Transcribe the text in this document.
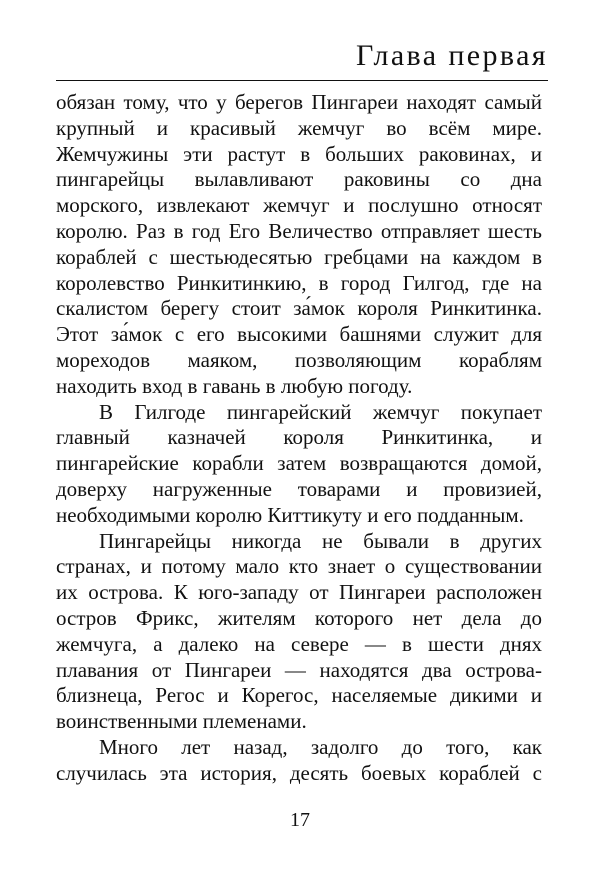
Глава первая
обязан тому, что у берегов Пингареи находят самый
крупный и красивый жемчуг во всём мире.
Жемчужины эти растут в больших раковинах, и
пингарейцы вылавливают раковины со дна
морского, извлекают жемчуг и послушно относят
королю. Раз в год Его Величество отправляет шесть
кораблей с шестьюдесятью гребцами на каждом в
королевство Ринкитинкию, в город Гилгод, где на
скалистом берегу стоит за́мок короля Ринкитинка.
Этот за́мок с его высокими башнями служит для
мореходов маяком, позволяющим кораблям
находить вход в гавань в любую погоду.
В Гилгоде пингарейский жемчуг покупает
главный казначей короля Ринкитинка, и
пингарейские корабли затем возвращаются домой,
доверху нагруженные товарами и провизией,
необходимыми королю Киттикуту и его подданным.
Пингарейцы никогда не бывали в других
странах, и потому мало кто знает о существовании
их острова. К юго-западу от Пингареи расположен
остров Фрикс, жителям которого нет дела до
жемчуга, а далеко на севере — в шести днях
плавания от Пингареи — находятся два острова-
близнеца, Регос и Корегос, населяемые дикими и
воинственными племенами.
Много лет назад, задолго до того, как
случилась эта история, десять боевых кораблей с
17
